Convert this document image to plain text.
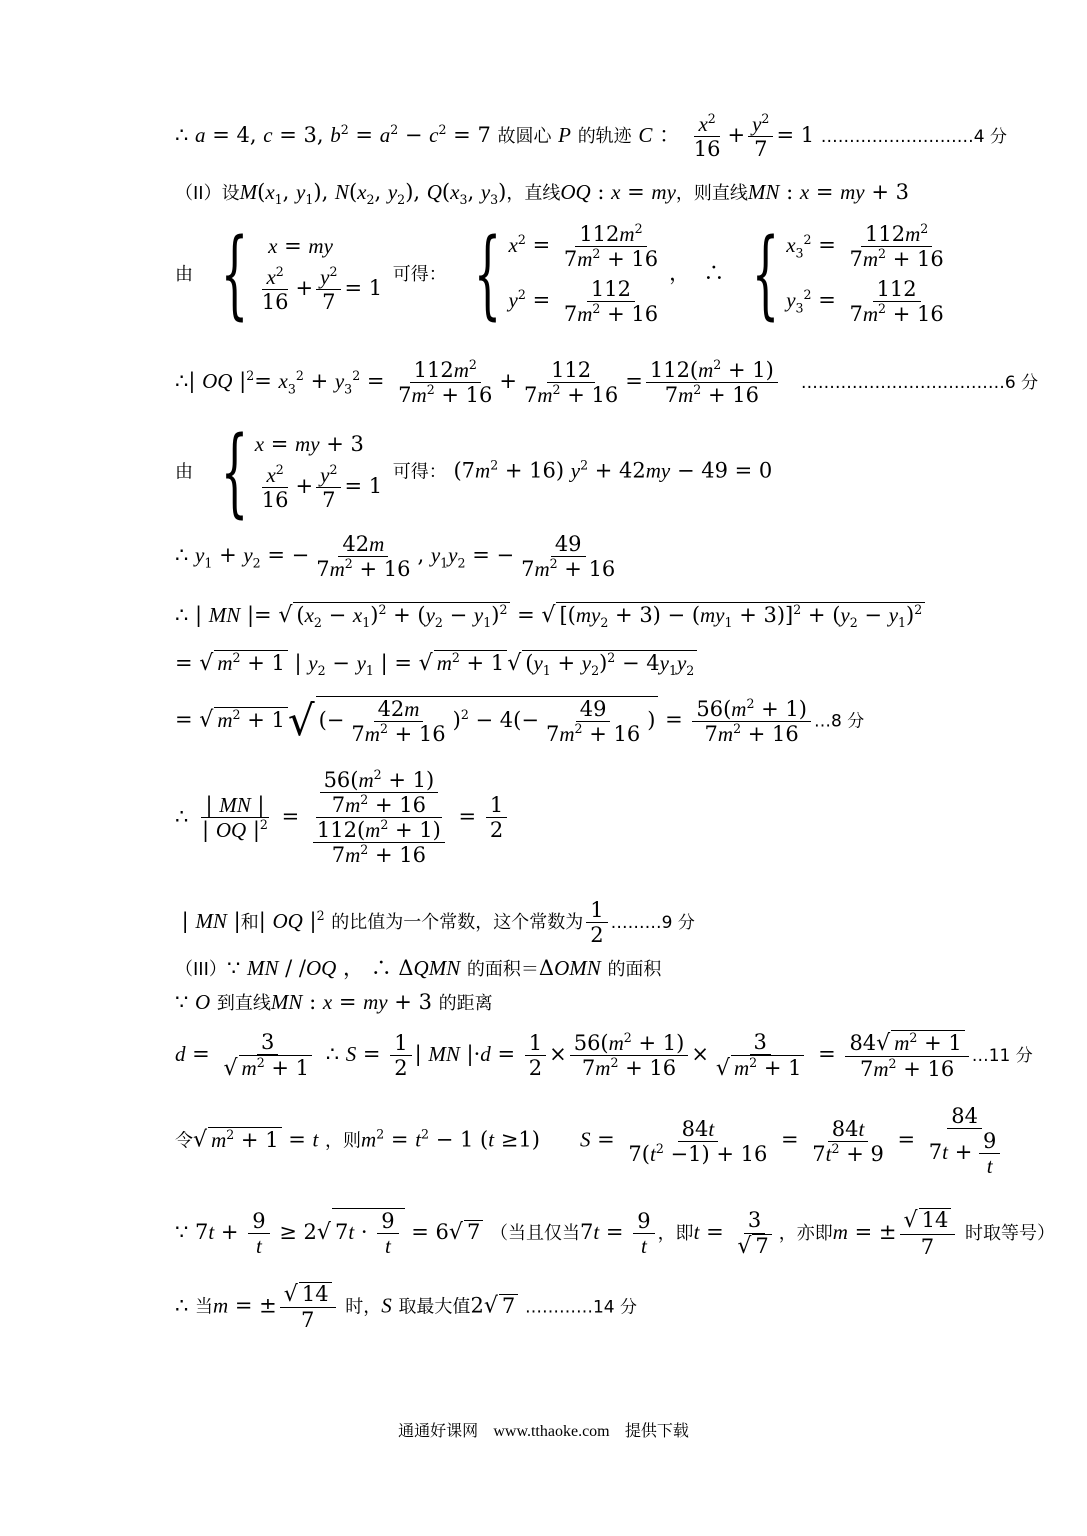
∴ a = 4, c = 3, $b^2 = a^2 - c^2 = 7$ 故圆心 P 的轨迹 C ： $\frac{x^2}{16} + \frac{y^2}{7} = 1$ ………………………4 分
（II）设$M(x_1$, $y_1$), $N(x_2$, $y_2$), $Q(x_3$, $y_3$)，直线OQ : x = my，则直线MN : x = my + 3
由 { x = my
$\frac{x^2}{16} + \frac{y^2}{7} = 1$
可得： { $x^2 = \frac{112m^2}{7m^2 + 16}$
$y^2 = \frac{112}{7m^2 + 16}$
，  ∴ { $x_3^2 = \frac{112m^2}{7m^2 + 16}$
$y_3^2 = \frac{112}{7m^2 + 16}$
∴| OQ $|^2= x_3^2 + y_3^2 = \frac{112m^2}{7m^2 + 16} + \frac{112}{7m^2 + 16} = \frac{112(m^2 + 1)}{7m^2 + 16}$ ………………………………6 分
由 { x = my + 3
$\frac{x^2}{16} + \frac{y^2}{7} = 1$
可得： $(7m^2 + 16) y^2 + 42my - 49 = 0$
∴ $y_1 + y_2$ = − $\frac{42m}{7m^2 + 16}$ , $y_1y_2$ = − $\frac{49}{7m^2 + 16}$
∴ | MN |= √ $(x_2 - x_1)^2 + (y_2 - y_1)^2$ = √ $[(my_2 + 3) - (my_1 + 3)]^2 + (y_2 - y_1)^2$
= √ $m^2 + 1$ | $y_2 - y_1$ | = √ $m^2 + 1$ √ $(y_1 + y_2)^2 - 4y_1y_2$
= √ $m^2 + 1√$ (− $\frac{42m}{7m^2 + 16} )^2 - 4(- \frac{49}{7m^2 + 16}$ ) = $\frac{56(m^2 + 1)}{7m^2 + 16}$ …8 分
∴ $\frac{| MN |}{| OQ |^2} = \frac{\frac{56(m^2 + 1)}{7m^2 + 16}}{\frac{112(m^2 + 1)}{7m^2 + 16}} = \frac{1}{2}$
| MN |和| OQ $|^2$ 的比值为一个常数，这个常数为 $\frac{1}{2}$ ………9 分
（III）∵ MN / /OQ ， ∴ ΔQMN 的面积＝ΔOMN 的面积
∵ O 到直线MN : x = my + 3 的距离
$d = \frac{3}{√ m^2 + 1}$ ∴ $S = \frac{1}{2}$ | MN $|\cdot d = \frac{1}{2} \times \frac{56(m^2 + 1)}{7m^2 + 16} \times \frac{3}{√ m^2 + 1} = \frac{84√ m^2 + 1}{7m^2 + 16}$ …11 分
令√ $m^2 + 1 = t$ ，则$m^2 = t^2 - 1$ (t ≥1)      $S = \frac{84t}{7(t^2 -1) + 16} = \frac{84t}{7t^2 + 9} = \frac{84}{7t + \frac{9}{t}}$
∵ $7t + \frac{9}{t} \ge 2√$ $7t \cdot \frac{9}{t} = 6√$ 7 （当且仅当$7t = \frac{9}{t}$ ，即$t = \frac{3}{√ 7}$ ，亦即m = ± $\frac{√ 14}{7}$ 时取等号）
∴ 当m = ± $\frac{√ 14}{7}$ 时，S 取最大值2√ 7 …………14 分
通通好课网 www.tthaoke.com 提供下载
